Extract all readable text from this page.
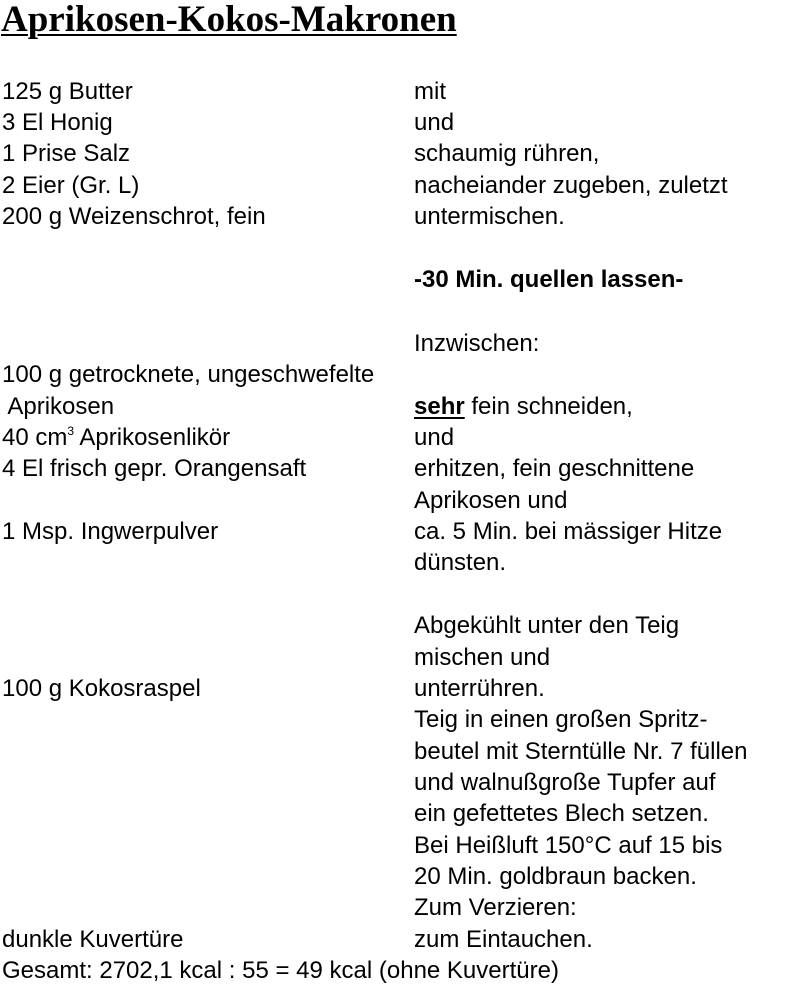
Aprikosen-Kokos-Makronen
125 g Butter
3 El Honig
1 Prise Salz
2 Eier (Gr. L)
200 g Weizenschrot, fein
100 g getrocknete, ungeschwefelte
Aprikosen
40 $cm^3$ Aprikosenlikör
4 El frisch gepr. Orangensaft
1 Msp. Ingwerpulver
100 g Kokosraspel
dunkle Kuvertüre
mit
und
schaumig rühren,
nacheiander zugeben, zuletzt
untermischen.
-30 Min. quellen lassen-
Inzwischen:
sehr fein schneiden,
und
erhitzen, fein geschnittene
Aprikosen und
ca. 5 Min. bei mässiger Hitze
dünsten.
Abgekühlt unter den Teig
mischen und
unterrühren.
Teig in einen großen Spritz-
beutel mit Sterntülle Nr. 7 füllen
und walnußgroße Tupfer auf
ein gefettetes Blech setzen.
Bei Heißluft 150°C auf 15 bis
20 Min. goldbraun backen.
Zum Verzieren:
zum Eintauchen.
Gesamt: 2702,1 kcal : 55 = 49 kcal (ohne Kuvertüre)
